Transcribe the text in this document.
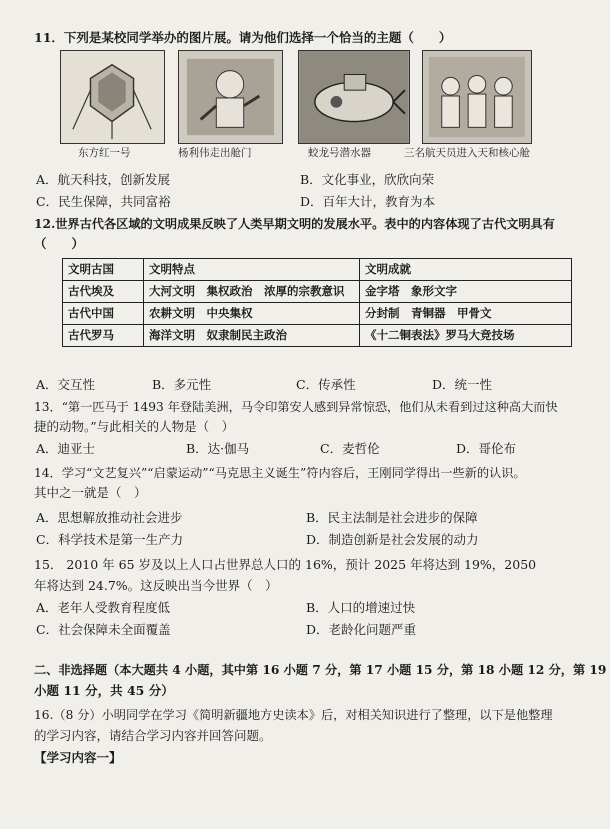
11．下列是某校同学举办的图片展。请为他们选择一个恰当的主题（　　）
东方红一号	杨利伟走出舱门	蛟龙号潜水器	三名航天员进入天和核心舱
A．航天科技，创新发展	B．文化事业，欣欣向荣
C．民生保障，共同富裕	D．百年大计，教育为本
12.世界古代各区域的文明成果反映了人类早期文明的发展水平。表中的内容体现了古代文明具有
（　　）
文明古国	文明特点	文明成就
古代埃及	大河文明　集权政治　浓厚的宗教意识	金字塔　象形文字
古代中国	农耕文明　中央集权	分封制　青铜器　甲骨文
古代罗马	海洋文明　奴隶制民主政治	《十二铜表法》罗马大竞技场
A．交互性	B．多元性	C．传承性	D．统一性
13．“第一匹马于 1493 年登陆美洲，马令印第安人感到异常惊恐，他们从未看到过这种高大而快
捷的动物。”与此相关的人物是（　）
A．迪亚士	B．达·伽马	C．麦哲伦	D．哥伦布
14．学习“文艺复兴”“启蒙运动”“马克思主义诞生”符内容后，王刚同学得出一些新的认识。
其中之一就是（　）
A．思想解放推动社会进步	B．民主法制是社会进步的保障
C．科学技术是第一生产力	D．制造创新是社会发展的动力
15． 2010 年 65 岁及以上人口占世界总人口的 16%，预计 2025 年将达到 19%，2050
年将达到 24.7%。这反映出当今世界（　）
A．老年人受教育程度低	B．人口的增速过快
C．社会保障未全面覆盖	D．老龄化问题严重
二、非选择题（本大题共 4 小题，其中第 16 小题 7 分，第 17 小题 15 分，第 18 小题 12 分，第 19
小题 11 分，共 45 分）
16.（8 分）小明同学在学习《简明新疆地方史读本》后，对相关知识进行了整理，以下是他整理
的学习内容，请结合学习内容并回答问题。
【学习内容一】
